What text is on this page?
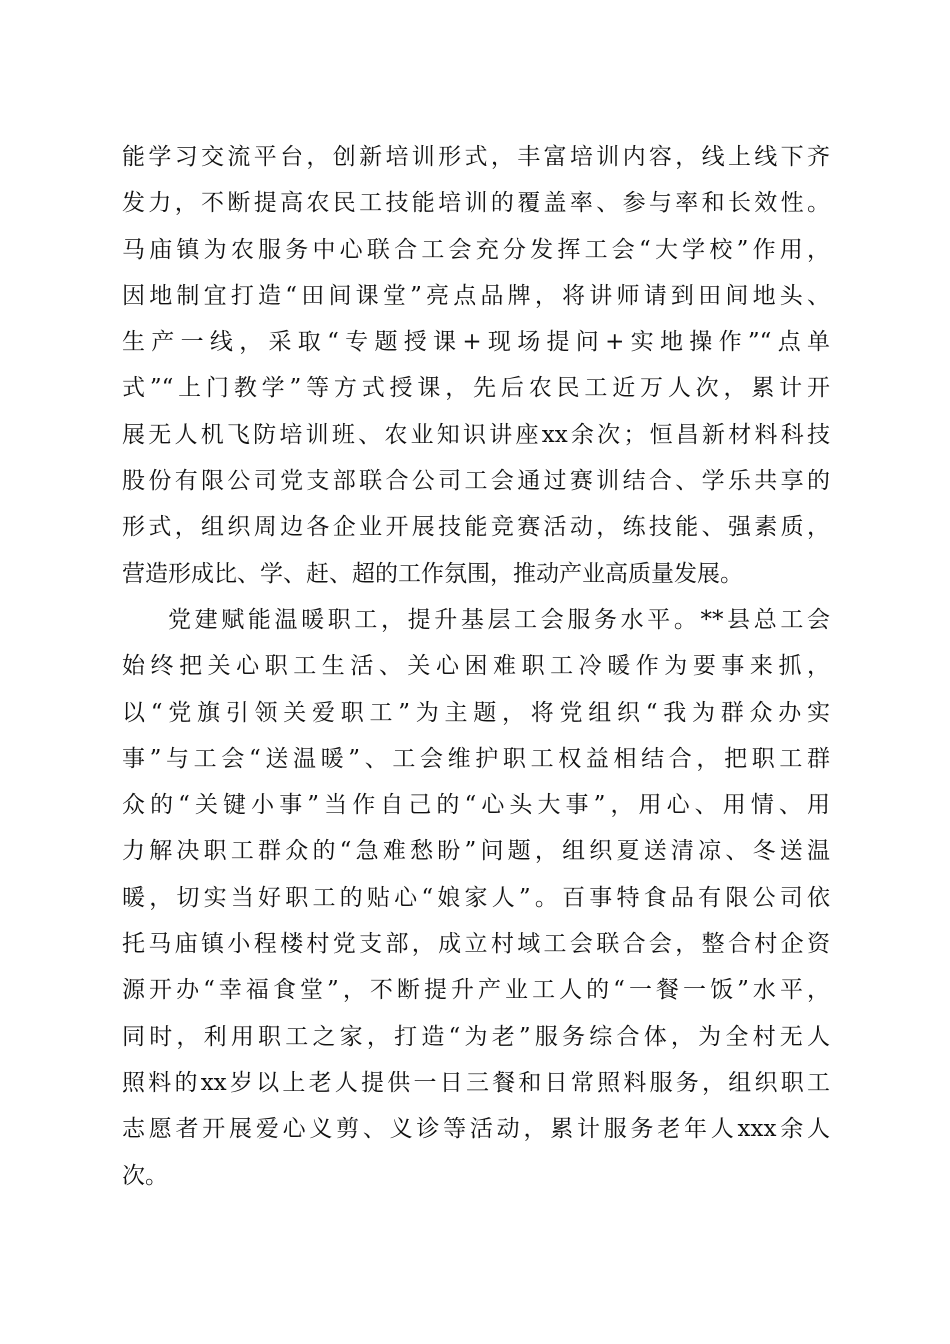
能学习交流平台，创新培训形式，丰富培训内容，线上线下齐
发力，不断提高农民工技能培训的覆盖率、参与率和长效性。
马庙镇为农服务中心联合工会充分发挥工会“大学校”作用，
因地制宜打造“田间课堂”亮点品牌，将讲师请到田间地头、
生产一线，采取“专题授课+现场提问+实地操作”“点单
式”“上门教学”等方式授课，先后农民工近万人次，累计开
展无人机飞防培训班、农业知识讲座xx余次；恒昌新材料科技
股份有限公司党支部联合公司工会通过赛训结合、学乐共享的
形式，组织周边各企业开展技能竞赛活动，练技能、强素质，
营造形成比、学、赶、超的工作氛围，推动产业高质量发展。
党建赋能温暖职工，提升基层工会服务水平。**县总工会
始终把关心职工生活、关心困难职工冷暖作为要事来抓，
以“党旗引领关爱职工”为主题，将党组织“我为群众办实
事”与工会“送温暖”、工会维护职工权益相结合，把职工群
众的“关键小事”当作自己的“心头大事”，用心、用情、用
力解决职工群众的“急难愁盼”问题，组织夏送清凉、冬送温
暖，切实当好职工的贴心“娘家人”。百事特食品有限公司依
托马庙镇小程楼村党支部，成立村域工会联合会，整合村企资
源开办“幸福食堂”，不断提升产业工人的“一餐一饭”水平，
同时，利用职工之家，打造“为老”服务综合体，为全村无人
照料的xx岁以上老人提供一日三餐和日常照料服务，组织职工
志愿者开展爱心义剪、义诊等活动，累计服务老年人xxx余人
次。
